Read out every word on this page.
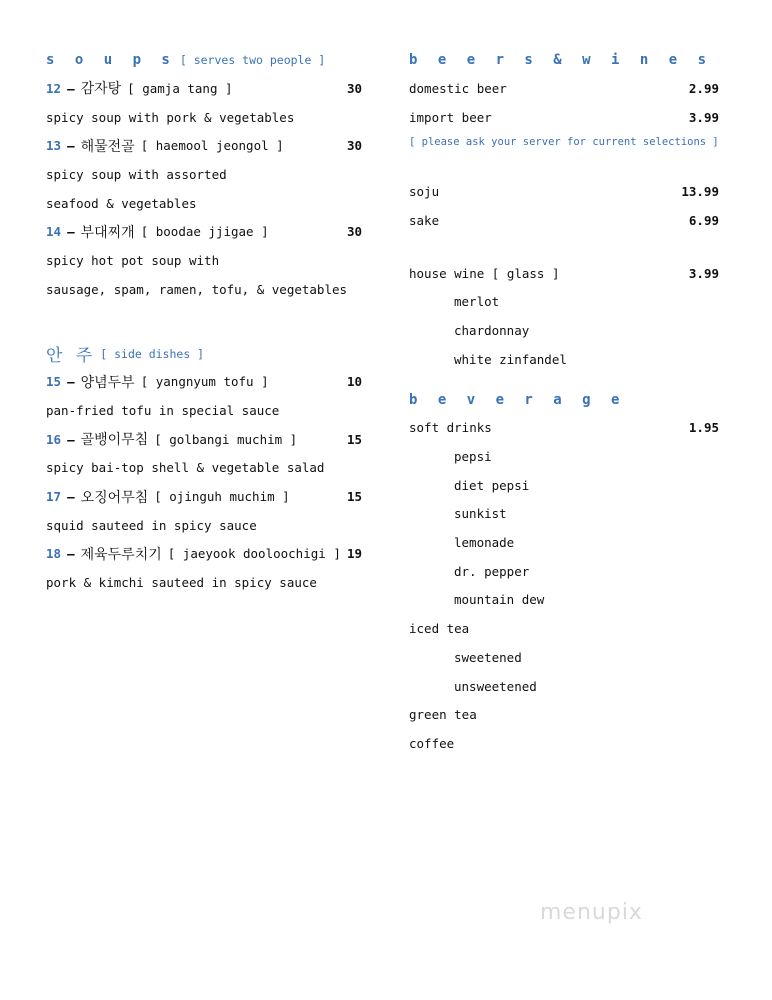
s o u p s [ serves two people ]
12 – 감자탕 [ gamja tang ]	30
spicy soup with pork & vegetables
13 – 해물전골 [ haemool jeongol ]	30
spicy soup with assorted
seafood & vegetables
14 – 부대찌개 [ boodae jjigae ]	30
spicy hot pot soup with
sausage, spam, ramen, tofu, & vegetables
안 주 [ side dishes ]
15 – 양념두부 [ yangnyum tofu ]	10
pan-fried tofu in special sauce
16 – 골뱅이무침 [ golbangi muchim ]	15
spicy bai-top shell & vegetable salad
17 – 오징어무침 [ ojinguh muchim ]	15
squid sauteed in spicy sauce
18 – 제육두루치기 [ jaeyook dooloochigi ] 19
pork & kimchi sauteed in spicy sauce
b e e r s & w i n e s
domestic beer	2.99
import beer	3.99
[ please ask your server for current selections ]
soju	13.99
sake	6.99
house wine [ glass ]	3.99
merlot
chardonnay
white zinfandel
b e v e r a g e
soft drinks	1.95
pepsi
diet pepsi
sunkist
lemonade
dr. pepper
mountain dew
iced tea
sweetened
unsweetened
green tea
coffee
menupix
